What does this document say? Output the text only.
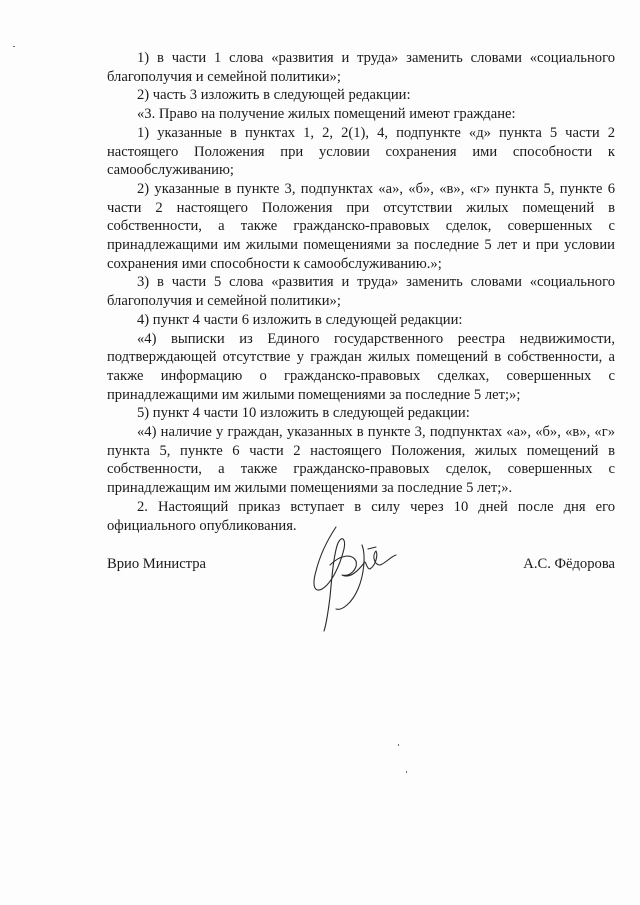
1) в части 1 слова «развития и труда» заменить словами «социального благополучия и семейной политики»;

2) часть 3 изложить в следующей редакции:

«3. Право на получение жилых помещений имеют граждане:

1) указанные в пунктах 1, 2, 2(1), 4, подпункте «д» пункта 5 части 2 настоящего Положения при условии сохранения ими способности к самообслуживанию;

2) указанные в пункте 3, подпунктах «а», «б», «в», «г» пункта 5, пункте 6 части 2 настоящего Положения при отсутствии жилых помещений в собственности, а также гражданско-правовых сделок, совершенных с принадлежащими им жилыми помещениями за последние 5 лет и при условии сохранения ими способности к самообслуживанию.»;

3) в части 5 слова «развития и труда» заменить словами «социального благополучия и семейной политики»;

4) пункт 4 части 6 изложить в следующей редакции:

«4) выписки из Единого государственного реестра недвижимости, подтверждающей отсутствие у граждан жилых помещений в собственности, а также информацию о гражданско-правовых сделках, совершенных с принадлежащими им жилыми помещениями за последние 5 лет;»;

5) пункт 4 части 10 изложить в следующей редакции:

«4) наличие у граждан, указанных в пункте 3, подпунктах «а», «б», «в», «г» пункта 5, пункте 6 части 2 настоящего Положения, жилых помещений в собственности, а также гражданско-правовых сделок, совершенных с принадлежащим им жилыми помещениями за последние 5 лет;».

2. Настоящий приказ вступает в силу через 10 дней после дня его официального опубликования.

Врио Министра	А.С. Фёдорова
